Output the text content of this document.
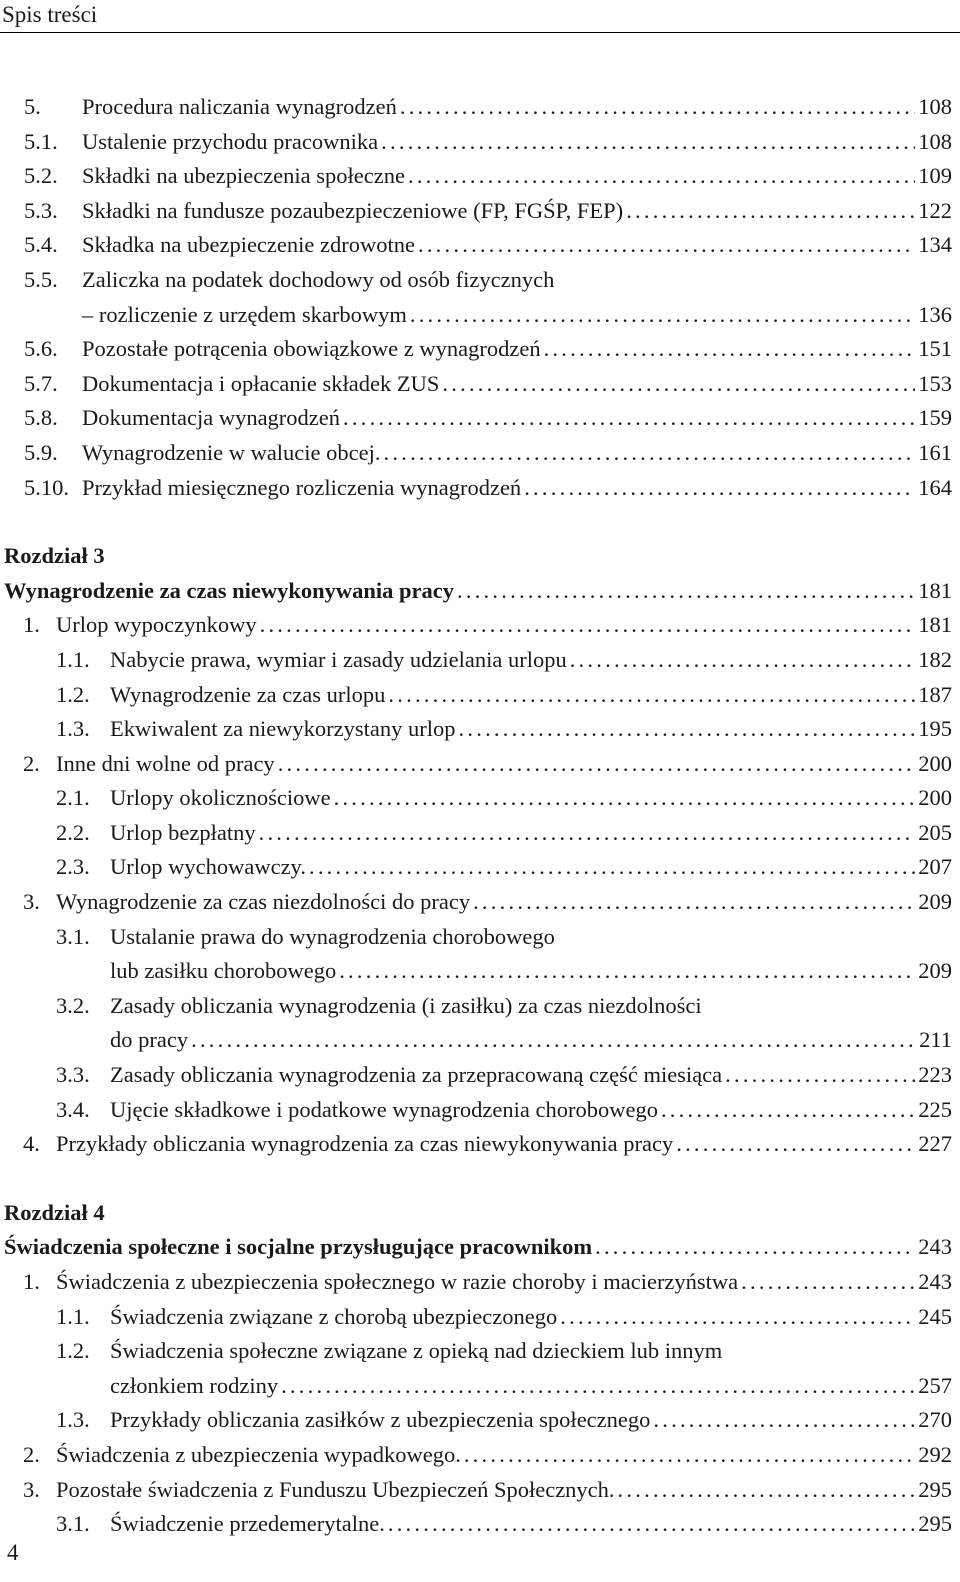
Spis treści
5.	Procedura naliczania wynagrodzeń . . .	108
5.1.	Ustalenie przychodu pracownika . . .	108
5.2.	Składki na ubezpieczenia społeczne . . .	109
5.3.	Składki na fundusze pozaubezpieczeniowe (FP, FGŚP, FEP) . . .	122
5.4.	Składka na ubezpieczenie zdrowotne . . .	134
5.5.	Zaliczka na podatek dochodowy od osób fizycznych
– rozliczenie z urzędem skarbowym . . .	136
5.6.	Pozostałe potrącenia obowiązkowe z wynagrodzeń . . .	151
5.7.	Dokumentacja i opłacanie składek ZUS . . .	153
5.8.	Dokumentacja wynagrodzeń . . .	159
5.9.	Wynagrodzenie w walucie obcej. . . .	161
5.10. Przykład miesięcznego rozliczenia wynagrodzeń . . .	164
Rozdział 3
Wynagrodzenie za czas niewykonywania pracy . . .	181
1. Urlop wypoczynkowy . . .	181
1.1. Nabycie prawa, wymiar i zasady udzielania urlopu . . .	182
1.2. Wynagrodzenie za czas urlopu . . .	187
1.3. Ekwiwalent za niewykorzystany urlop . . .	195
2. Inne dni wolne od pracy . . .	200
2.1. Urlopy okolicznościowe . . .	200
2.2. Urlop bezpłatny . . .	205
2.3. Urlop wychowawczy. . . .	207
3. Wynagrodzenie za czas niezdolności do pracy . . .	209
3.1. Ustalanie prawa do wynagrodzenia chorobowego
lub zasiłku chorobowego . . .	209
3.2. Zasady obliczania wynagrodzenia (i zasiłku) za czas niezdolności
do pracy . . .	211
3.3. Zasady obliczania wynagrodzenia za przepracowaną część miesiąca . . .	223
3.4. Ujęcie składkowe i podatkowe wynagrodzenia chorobowego . . .	225
4. Przykłady obliczania wynagrodzenia za czas niewykonywania pracy . . .	227
Rozdział 4
Świadczenia społeczne i socjalne przysługujące pracownikom . . .	243
1. Świadczenia z ubezpieczenia społecznego w razie choroby i macierzyństwa . . .	243
1.1. Świadczenia związane z chorobą ubezpieczonego . . .	245
1.2. Świadczenia społeczne związane z opieką nad dzieckiem lub innym
członkiem rodziny . . .	257
1.3. Przykłady obliczania zasiłków z ubezpieczenia społecznego . . .	270
2. Świadczenia z ubezpieczenia wypadkowego. . . .	292
3. Pozostałe świadczenia z Funduszu Ubezpieczeń Społecznych. . . .	295
3.1. Świadczenie przedemerytalne. . . .	295
4
